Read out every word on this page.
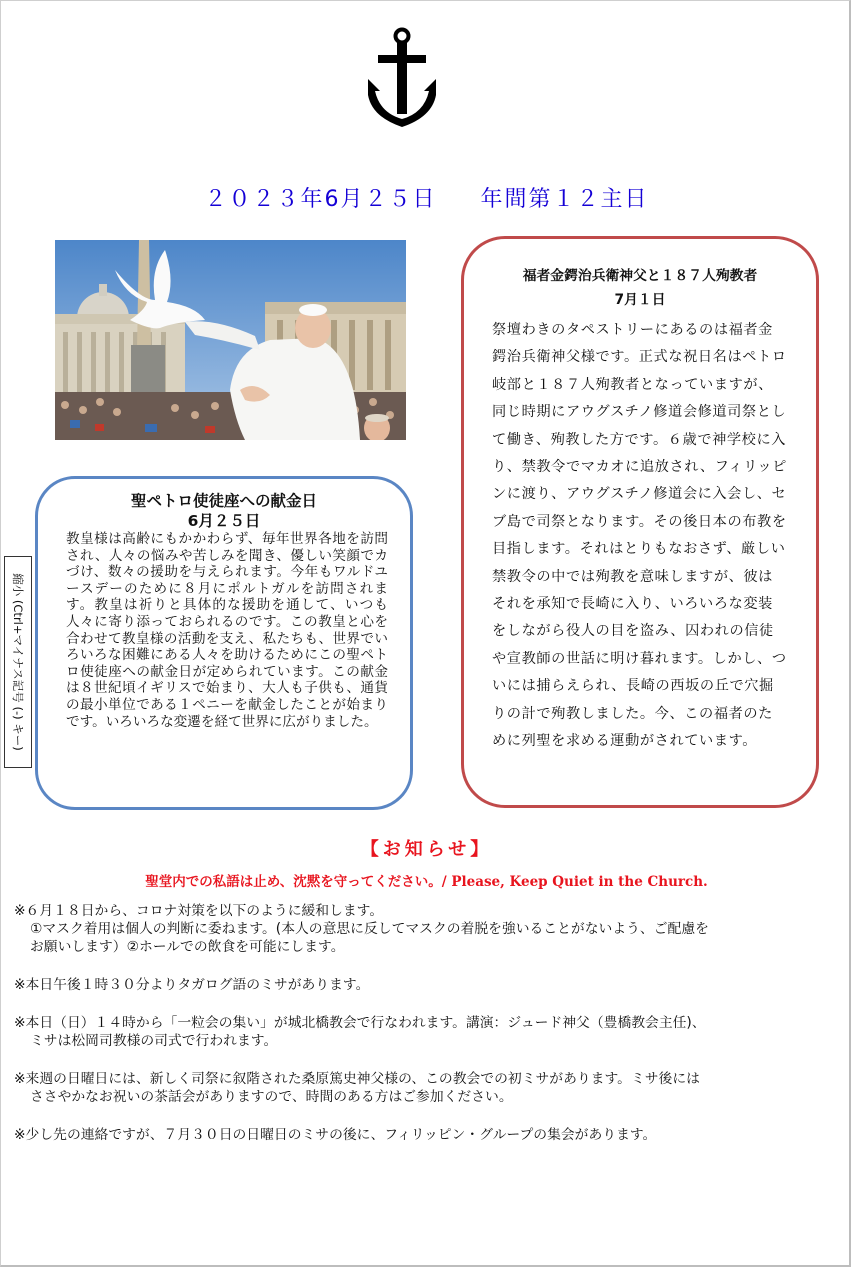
２０２３年6月２５日 年間第１２主日
聖ペトロ使徒座への献金日
6月２５日
教皇様は高齢にもかかわらず、毎年世界各地を訪問され、人々の悩みや苦しみを聞き、優しい笑顔でカづけ、数々の援助を与えられます。今年もワルドユースデーのために８月にポルトガルを訪問されます。教皇は祈りと具体的な援助を通して、いつも人々に寄り添っておられるのです。この教皇と心を合わせて教皇様の活動を支え、私たちも、世界でいろいろな困難にある人々を助けるためにこの聖ペトロ使徒座への献金日が定められています。この献金は８世紀頃イギリスで始まり、大人も子供も、通貨の最小単位である１ペニーを献金したことが始まりです。いろいろな変遷を経て世界に広がりました。
福者金鍔治兵衛神父と１８７人殉教者
7月１日
祭壇わきのタペストリーにあるのは福者金鍔治兵衛神父様です。正式な祝日名はペトロ岐部と１８７人殉教者となっていますが、同じ時期にアウグスチノ修道会修道司祭として働き、殉教した方です。６歳で神学校に入り、禁教令でマカオに追放され、フィリッピンに渡り、アウグスチノ修道会に入会し、セブ島で司祭となります。その後日本の布教を目指します。それはとりもなおさず、厳しい禁教令の中では殉教を意味しますが、彼はそれを承知で長崎に入り、いろいろな変装をしながら役人の目を盗み、囚われの信徒や宣教師の世話に明け暮れます。しかし、ついには捕らえられ、長崎の西坂の丘で穴掘りの計で殉教しました。今、この福者のために列聖を求める運動がされています。
縮小 (Ctrl+マイナス記号 (-) キー)
【お知らせ】
聖堂内での私語は止め、沈黙を守ってください。/ Please, Keep Quiet in the Church.
※６月１８日から、コロナ対策を以下のように緩和します。
①マスク着用は個人の判断に委ねます。(本人の意思に反してマスクの着脱を強いることがないよう、ご配慮を
お願いします）②ホールでの飲食を可能にします。
※本日午後１時３０分よりタガログ語のミサがあります。
※本日（日）１４時から「一粒会の集い」が城北橋教会で行なわれます。講演：ジュード神父（豊橋教会主任)、
ミサは松岡司教様の司式で行われます。
※来週の日曜日には、新しく司祭に叙階された桑原篤史神父様の、この教会での初ミサがあります。ミサ後には
ささやかなお祝いの茶話会がありますので、時間のある方はご参加ください。
※少し先の連絡ですが、７月３０日の日曜日のミサの後に、フィリッピン・グループの集会があります。
